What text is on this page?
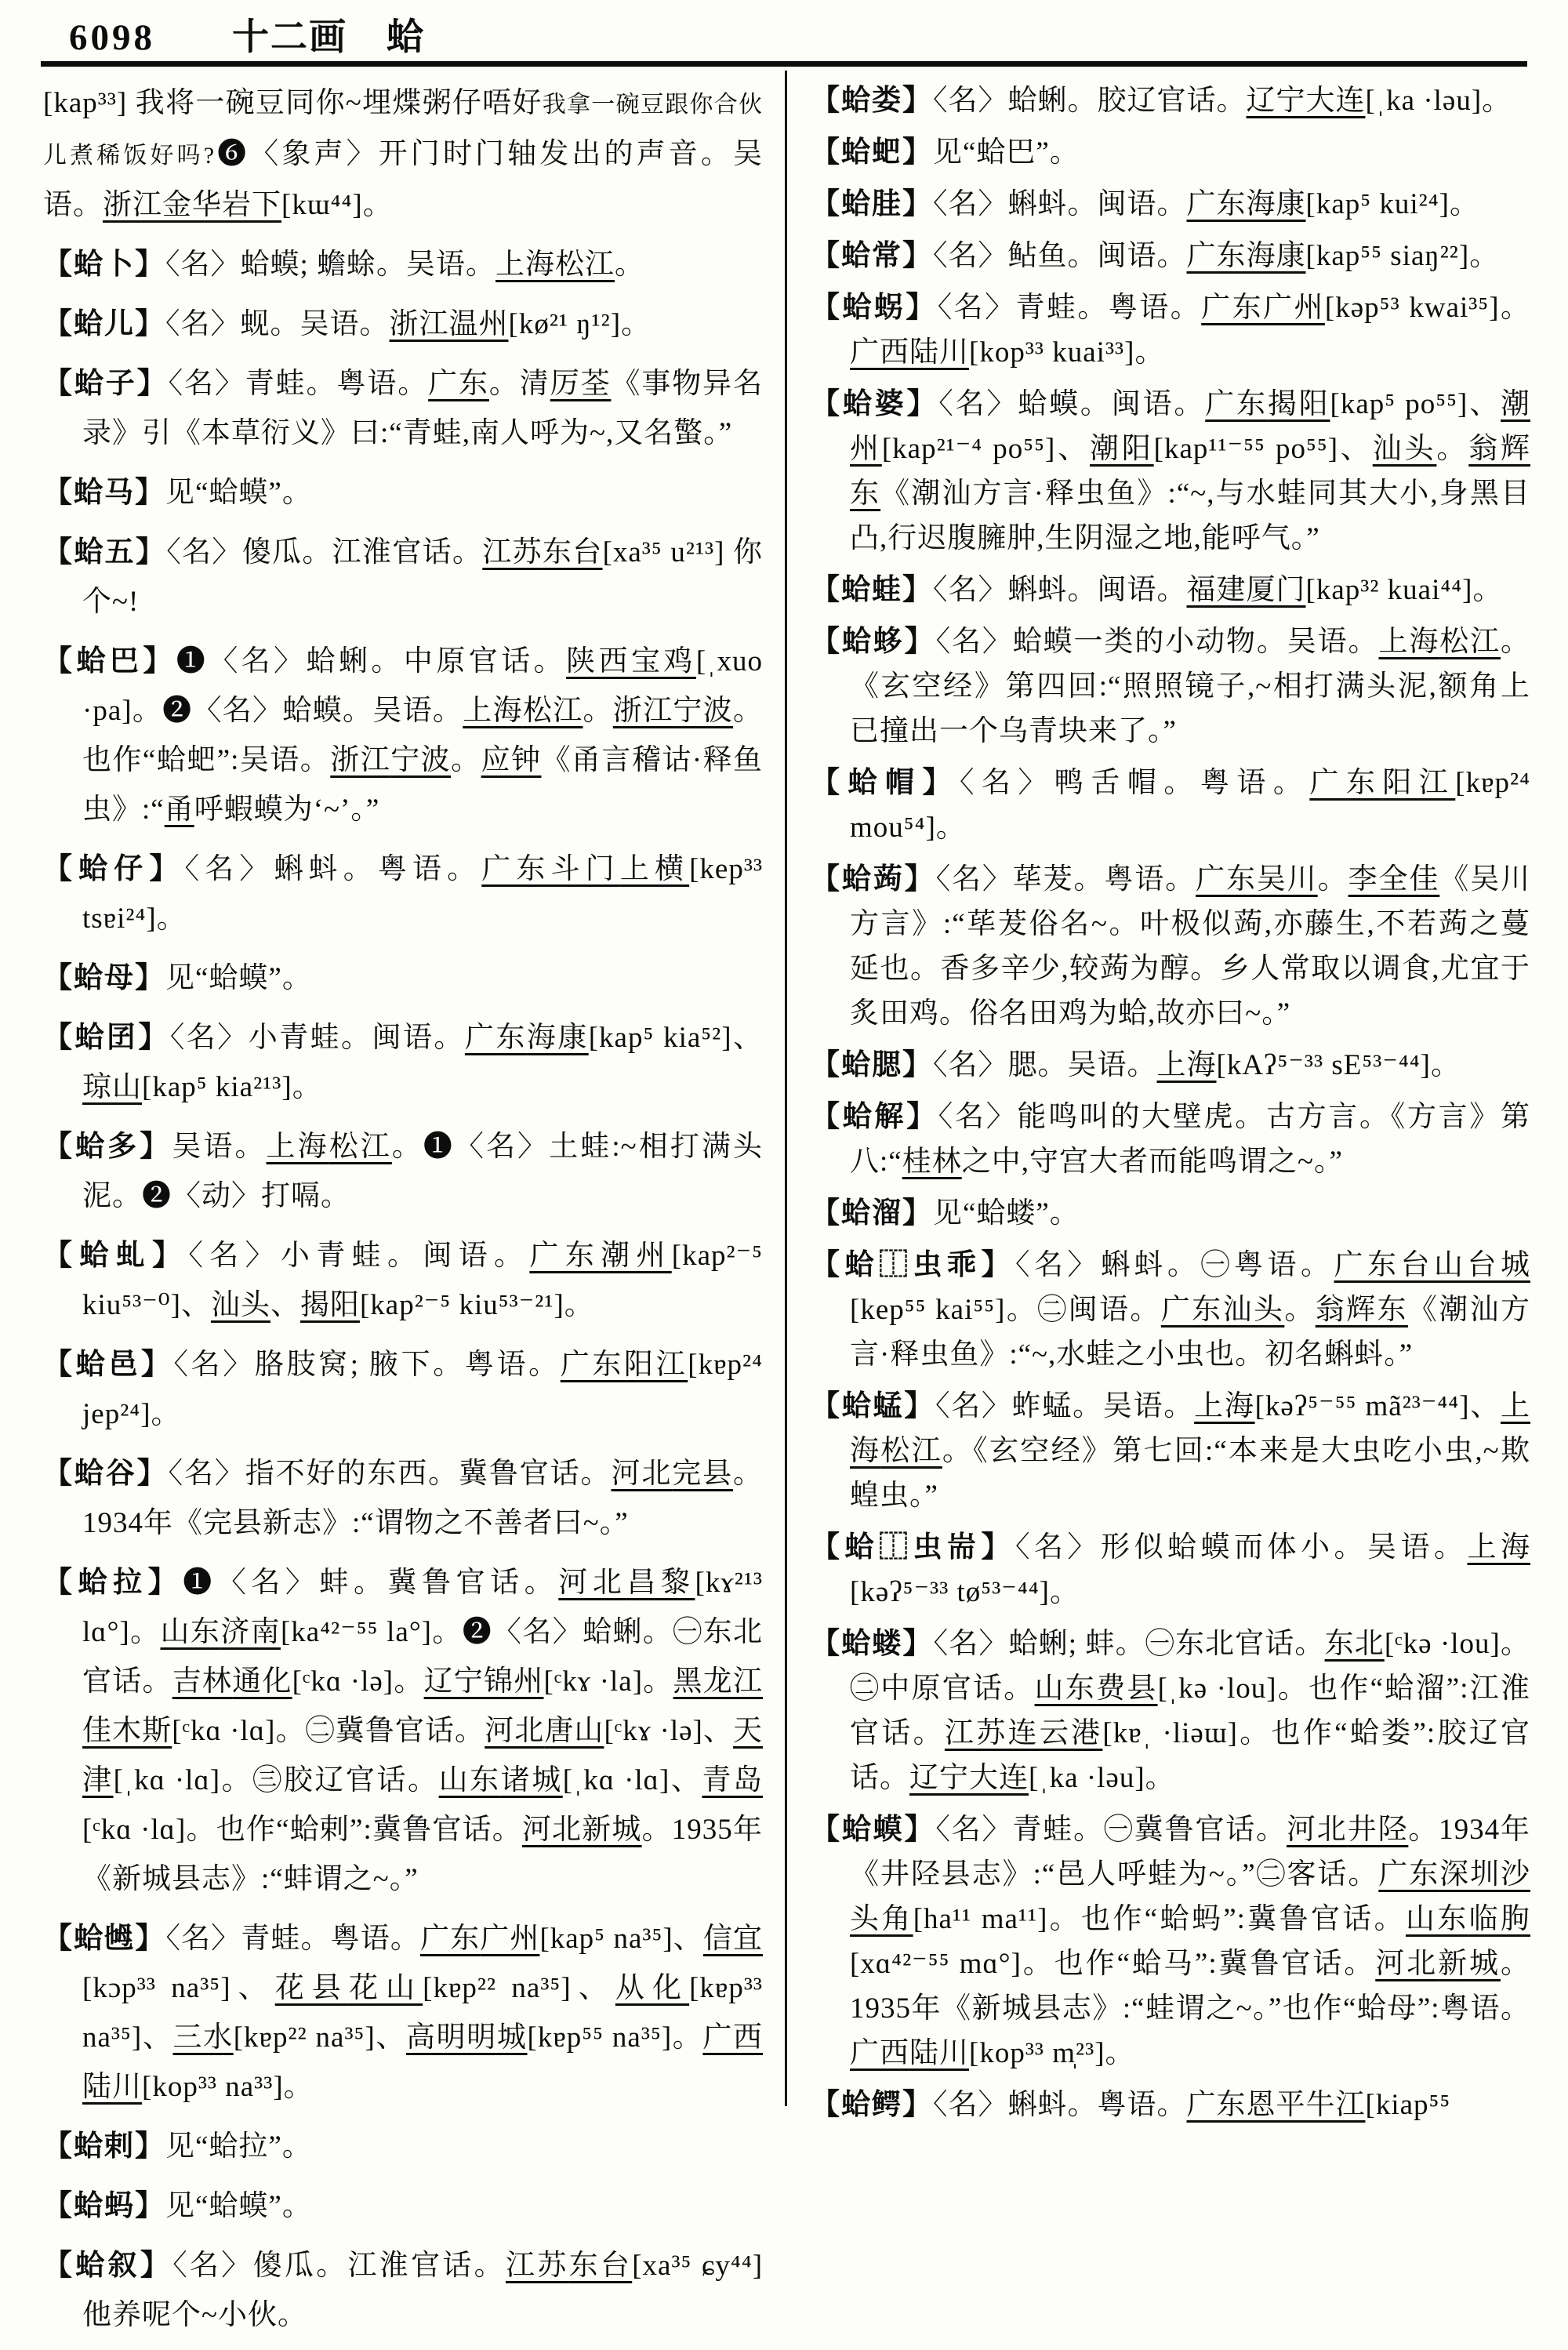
6098 十二画 蛤

[kap³³] 我将一碗豆同你~埋煠粥仔唔好我拿一碗豆跟你合伙儿煮稀饭好吗?❻〈象声〉开门时门轴发出的声音。吴语。浙江金华岩下[kɯ⁴⁴]。

【蛤卜】〈名〉蛤蟆; 蟾蜍。吴语。上海松江。

【蛤儿】〈名〉蚬。吴语。浙江温州[kø²¹ ŋ¹²]。

【蛤子】〈名〉青蛙。粤语。广东。清厉荃《事物异名录》引《本草衍义》曰:“青蛙,南人呼为~,又名蟼。”

【蛤马】见“蛤蟆”。

【蛤五】〈名〉傻瓜。江淮官话。江苏东台[xa³⁵ u²¹³] 你个~!

【蛤巴】❶〈名〉蛤蜊。中原官话。陕西宝鸡[ˌxuo ·pa]。❷〈名〉蛤蟆。吴语。上海松江。浙江宁波。也作“蛤蚆”:吴语。浙江宁波。应钟《甬言稽诂·释鱼虫》:“甬呼蝦蟆为‘~’。”

【蛤仔】〈名〉蝌蚪。粤语。广东斗门上横[kep³³ tsɐi²⁴]。

【蛤母】见“蛤蟆”。

【蛤囝】〈名〉小青蛙。闽语。广东海康[kap⁵ kia⁵²]、琼山[kap⁵ kia²¹³]。

【蛤多】吴语。上海松江。❶〈名〉土蛙:~相打满头泥。❷〈动〉打嗝。

【蛤虬】〈名〉小青蛙。闽语。广东潮州[kap²⁻⁵ kiu⁵³⁻⁰]、汕头、揭阳[kap²⁻⁵ kiu⁵³⁻²¹]。

【蛤邑】〈名〉胳肢窝; 腋下。粤语。广东阳江[kɐp²⁴ jep²⁴]。

【蛤谷】〈名〉指不好的东西。冀鲁官话。河北完县。1934年《完县新志》:“谓物之不善者曰~。”

【蛤拉】❶〈名〉蚌。冀鲁官话。河北昌黎[kɤ²¹³ lɑ°]。山东济南[ka⁴²⁻⁵⁵ la°]。❷〈名〉蛤蜊。㊀东北官话。吉林通化[ᶜkɑ ·lə]。辽宁锦州[ᶜkɤ ·la]。黑龙江佳木斯[ᶜkɑ ·lɑ]。㊁冀鲁官话。河北唐山[ᶜkɤ ·lə]、天津[ˌkɑ ·lɑ]。㊂胶辽官话。山东诸城[ˌkɑ ·lɑ]、青岛[ᶜkɑ ·lɑ]。也作“蛤剌”:冀鲁官话。河北新城。1935年《新城县志》:“蚌谓之~。”

【蛤乸】〈名〉青蛙。粤语。广东广州[kap⁵ na³⁵]、信宜[kɔp³³ na³⁵]、花县花山[kɐp²² na³⁵]、从化[kɐp³³ na³⁵]、三水[kɐp²² na³⁵]、高明明城[kɐp⁵⁵ na³⁵]。广西陆川[kop³³ na³³]。

【蛤剌】见“蛤拉”。

【蛤蚂】见“蛤蟆”。

【蛤叙】〈名〉傻瓜。江淮官话。江苏东台[xa³⁵ ɕy⁴⁴] 他养呢个~小伙。

【蛤娄】〈名〉蛤蜊。胶辽官话。辽宁大连[ˌka ·ləu]。

【蛤蚆】见“蛤巴”。

【蛤胿】〈名〉蝌蚪。闽语。广东海康[kap⁵ kui²⁴]。

【蛤常】〈名〉鲇鱼。闽语。广东海康[kap⁵⁵ siaŋ²²]。

【蛤𧊅】〈名〉青蛙。粤语。广东广州[kəp⁵³ kwai³⁵]。广西陆川[kop³³ kuai³³]。

【蛤婆】〈名〉蛤蟆。闽语。广东揭阳[kap⁵ po⁵⁵]、潮州[kap²¹⁻⁴ po⁵⁵]、潮阳[kap¹¹⁻⁵⁵ po⁵⁵]、汕头。翁辉东《潮汕方言·释虫鱼》:“~,与水蛙同其大小,身黑目凸,行迟腹臃肿,生阴湿之地,能呼气。”

【蛤蛙】〈名〉蝌蚪。闽语。福建厦门[kap³² kuai⁴⁴]。

【蛤蛥】〈名〉蛤蟆一类的小动物。吴语。上海松江。《玄空经》第四回:“照照镜子,~相打满头泥,额角上已撞出一个乌青块来了。”

【蛤帽】〈名〉鸭舌帽。粤语。广东阳江[kɐp²⁴ mou⁵⁴]。

【蛤蒟】〈名〉荜茇。粤语。广东吴川。李全佳《吴川方言》:“荜茇俗名~。叶极似蒟,亦藤生,不若蒟之蔓延也。香多辛少,较蒟为醇。乡人常取以调食,尤宜于炙田鸡。俗名田鸡为蛤,故亦曰~。”

【蛤腮】〈名〉腮。吴语。上海[kAʔ⁵⁻³³ sE⁵³⁻⁴⁴]。

【蛤解】〈名〉能鸣叫的大壁虎。古方言。《方言》第八:“桂林之中,守宫大者而能鸣谓之~。”

【蛤溜】见“蛤蝼”。

【蛤⿰虫乖】〈名〉蝌蚪。㊀粤语。广东台山台城[kep⁵⁵ kai⁵⁵]。㊁闽语。广东汕头。翁辉东《潮汕方言·释虫鱼》:“~,水蛙之小虫也。初名蝌蚪。”

【蛤蜢】〈名〉蚱蜢。吴语。上海[kəʔ⁵⁻⁵⁵ mã²³⁻⁴⁴]、上海松江。《玄空经》第七回:“本来是大虫吃小虫,~欺蝗虫。”

【蛤⿰虫耑】〈名〉形似蛤蟆而体小。吴语。上海[kəʔ⁵⁻³³ tø⁵³⁻⁴⁴]。

【蛤蝼】〈名〉蛤蜊; 蚌。㊀东北官话。东北[ᶜkə ·lou]。㊁中原官话。山东费县[ˌkə ·lou]。也作“蛤溜”:江淮官话。江苏连云港[kɐˌ ·liəɯ]。也作“蛤娄”:胶辽官话。辽宁大连[ˌka ·ləu]。

【蛤蟆】〈名〉青蛙。㊀冀鲁官话。河北井陉。1934年《井陉县志》:“邑人呼蛙为~。”㊁客话。广东深圳沙头角[ha¹¹ ma¹¹]。也作“蛤蚂”:冀鲁官话。山东临朐[xɑ⁴²⁻⁵⁵ mɑ°]。也作“蛤马”:冀鲁官话。河北新城。1935年《新城县志》:“蛙谓之~。”也作“蛤母”:粤语。广西陆川[kop³³ m̩²³]。

【蛤鳄】〈名〉蝌蚪。粤语。广东恩平牛江[kiap⁵⁵
